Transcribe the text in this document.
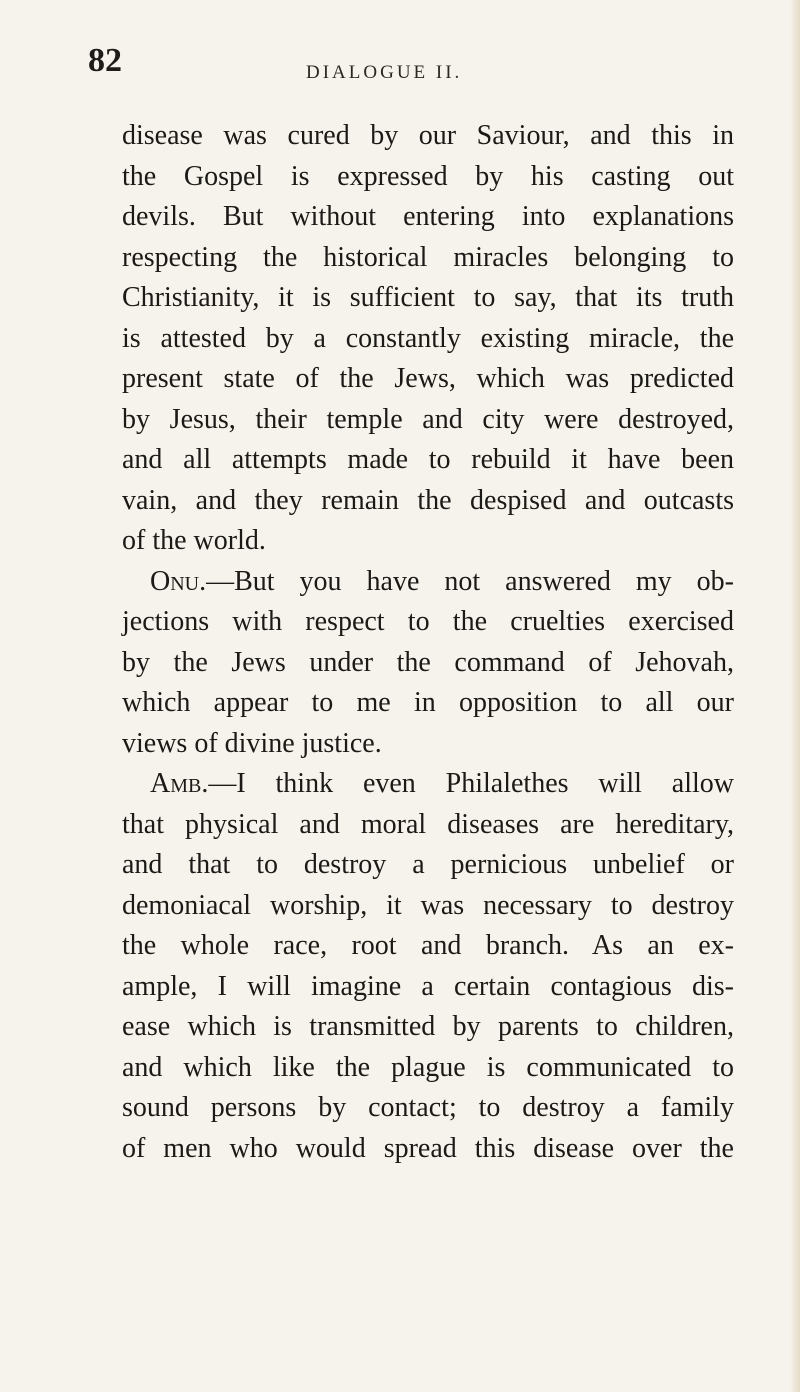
82	DIALOGUE II.
disease was cured by our Saviour, and this in
the Gospel is expressed by his casting out
devils. But without entering into explanations
respecting the historical miracles belonging to
Christianity, it is sufficient to say, that its truth
is attested by a constantly existing miracle, the
present state of the Jews, which was predicted
by Jesus, their temple and city were destroyed,
and all attempts made to rebuild it have been
vain, and they remain the despised and outcasts
of the world.
Onu.—But you have not answered my ob-
jections with respect to the cruelties exercised
by the Jews under the command of Jehovah,
which appear to me in opposition to all our
views of divine justice.
Amb.—I think even Philalethes will allow
that physical and moral diseases are hereditary,
and that to destroy a pernicious unbelief or
demoniacal worship, it was necessary to destroy
the whole race, root and branch. As an ex-
ample, I will imagine a certain contagious dis-
ease which is transmitted by parents to children,
and which like the plague is communicated to
sound persons by contact; to destroy a family
of men who would spread this disease over the
